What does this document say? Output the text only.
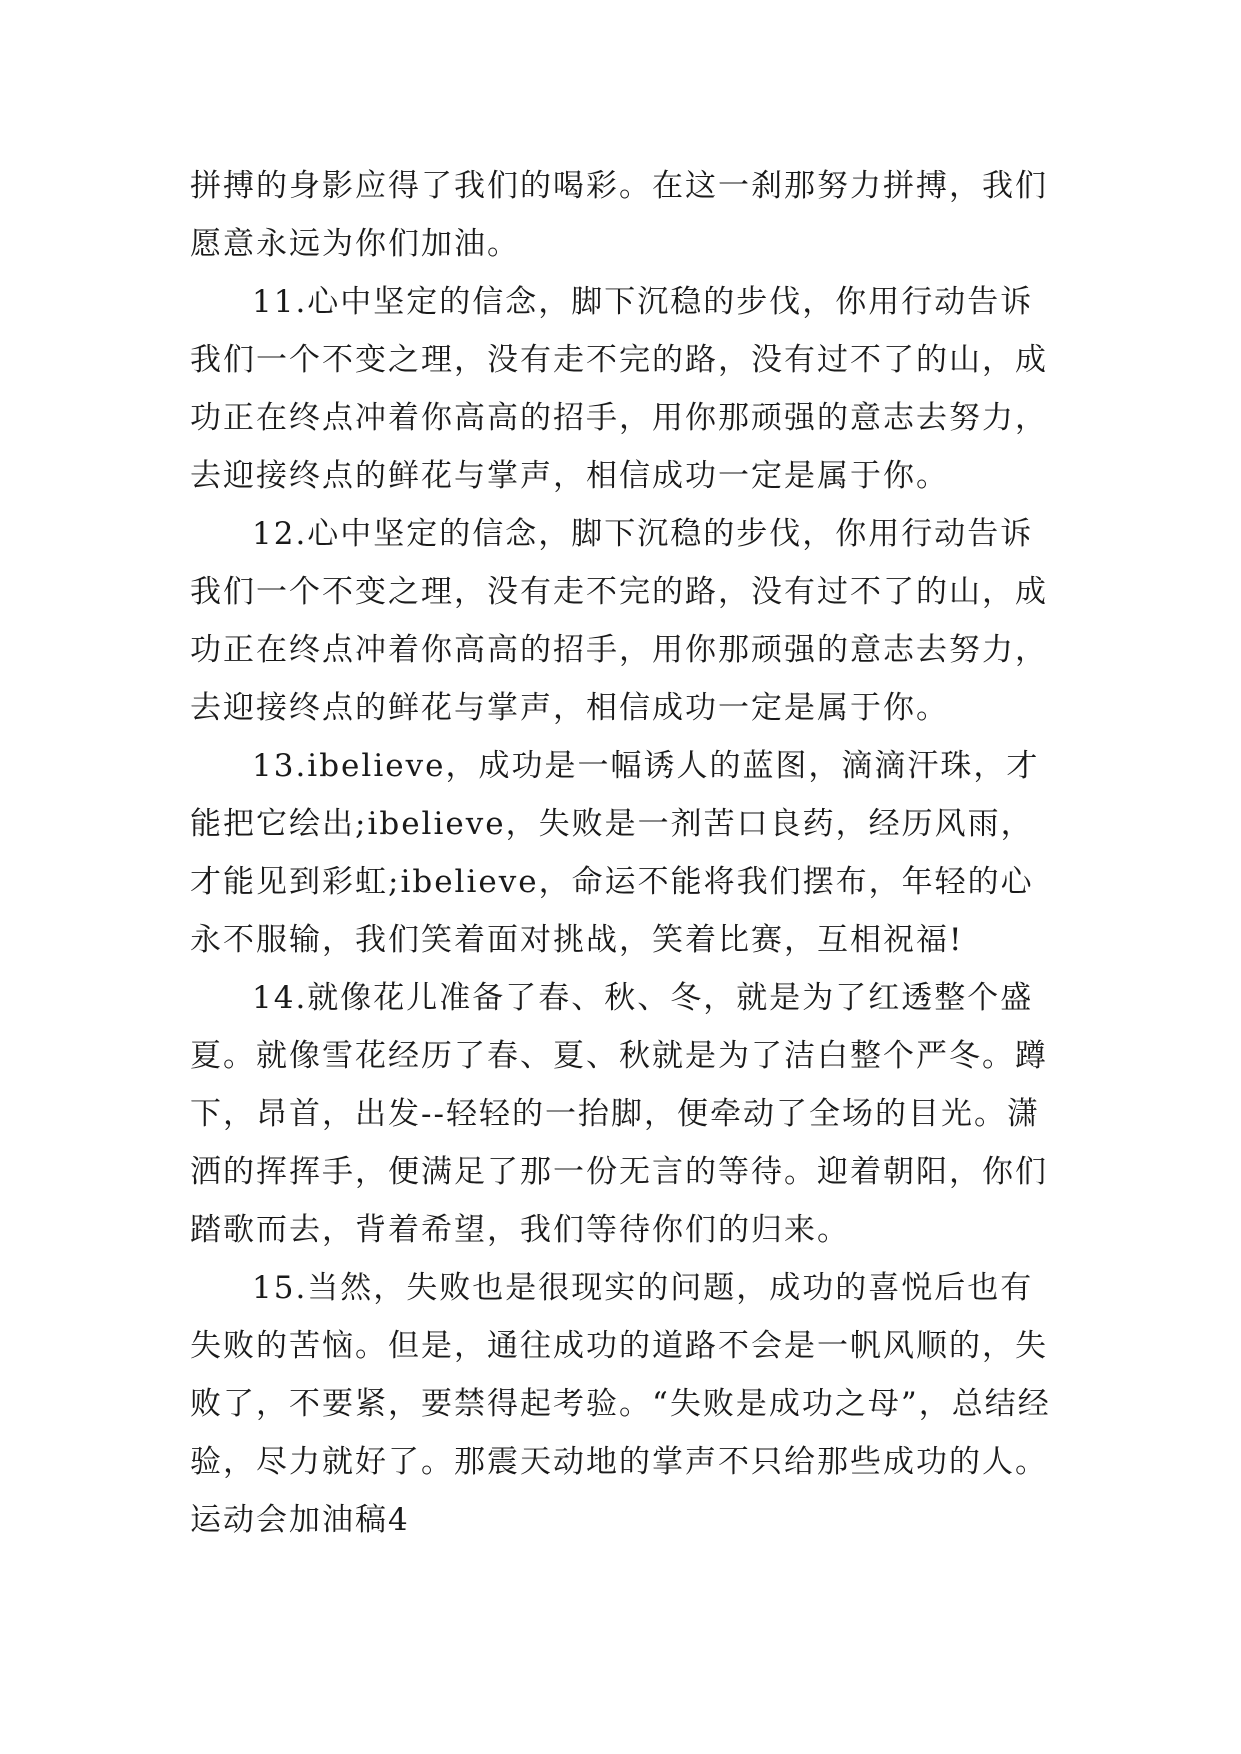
拼搏的身影应得了我们的喝彩。在这一刹那努力拼搏，我们
愿意永远为你们加油。
11.心中坚定的信念，脚下沉稳的步伐，你用行动告诉
我们一个不变之理，没有走不完的路，没有过不了的山，成
功正在终点冲着你高高的招手，用你那顽强的意志去努力，
去迎接终点的鲜花与掌声，相信成功一定是属于你。
12.心中坚定的信念，脚下沉稳的步伐，你用行动告诉
我们一个不变之理，没有走不完的路，没有过不了的山，成
功正在终点冲着你高高的招手，用你那顽强的意志去努力，
去迎接终点的鲜花与掌声，相信成功一定是属于你。
13.ibelieve，成功是一幅诱人的蓝图，滴滴汗珠，才
能把它绘出;ibelieve，失败是一剂苦口良药，经历风雨，
才能见到彩虹;ibelieve，命运不能将我们摆布，年轻的心
永不服输，我们笑着面对挑战，笑着比赛，互相祝福!
14.就像花儿准备了春、秋、冬，就是为了红透整个盛
夏。就像雪花经历了春、夏、秋就是为了洁白整个严冬。蹲
下，昂首，出发--轻轻的一抬脚，便牵动了全场的目光。潇
洒的挥挥手，便满足了那一份无言的等待。迎着朝阳，你们
踏歌而去，背着希望，我们等待你们的归来。
15.当然，失败也是很现实的问题，成功的喜悦后也有
失败的苦恼。但是，通往成功的道路不会是一帆风顺的，失
败了，不要紧，要禁得起考验。“失败是成功之母”，总结经
验，尽力就好了。那震天动地的掌声不只给那些成功的人。
运动会加油稿4
